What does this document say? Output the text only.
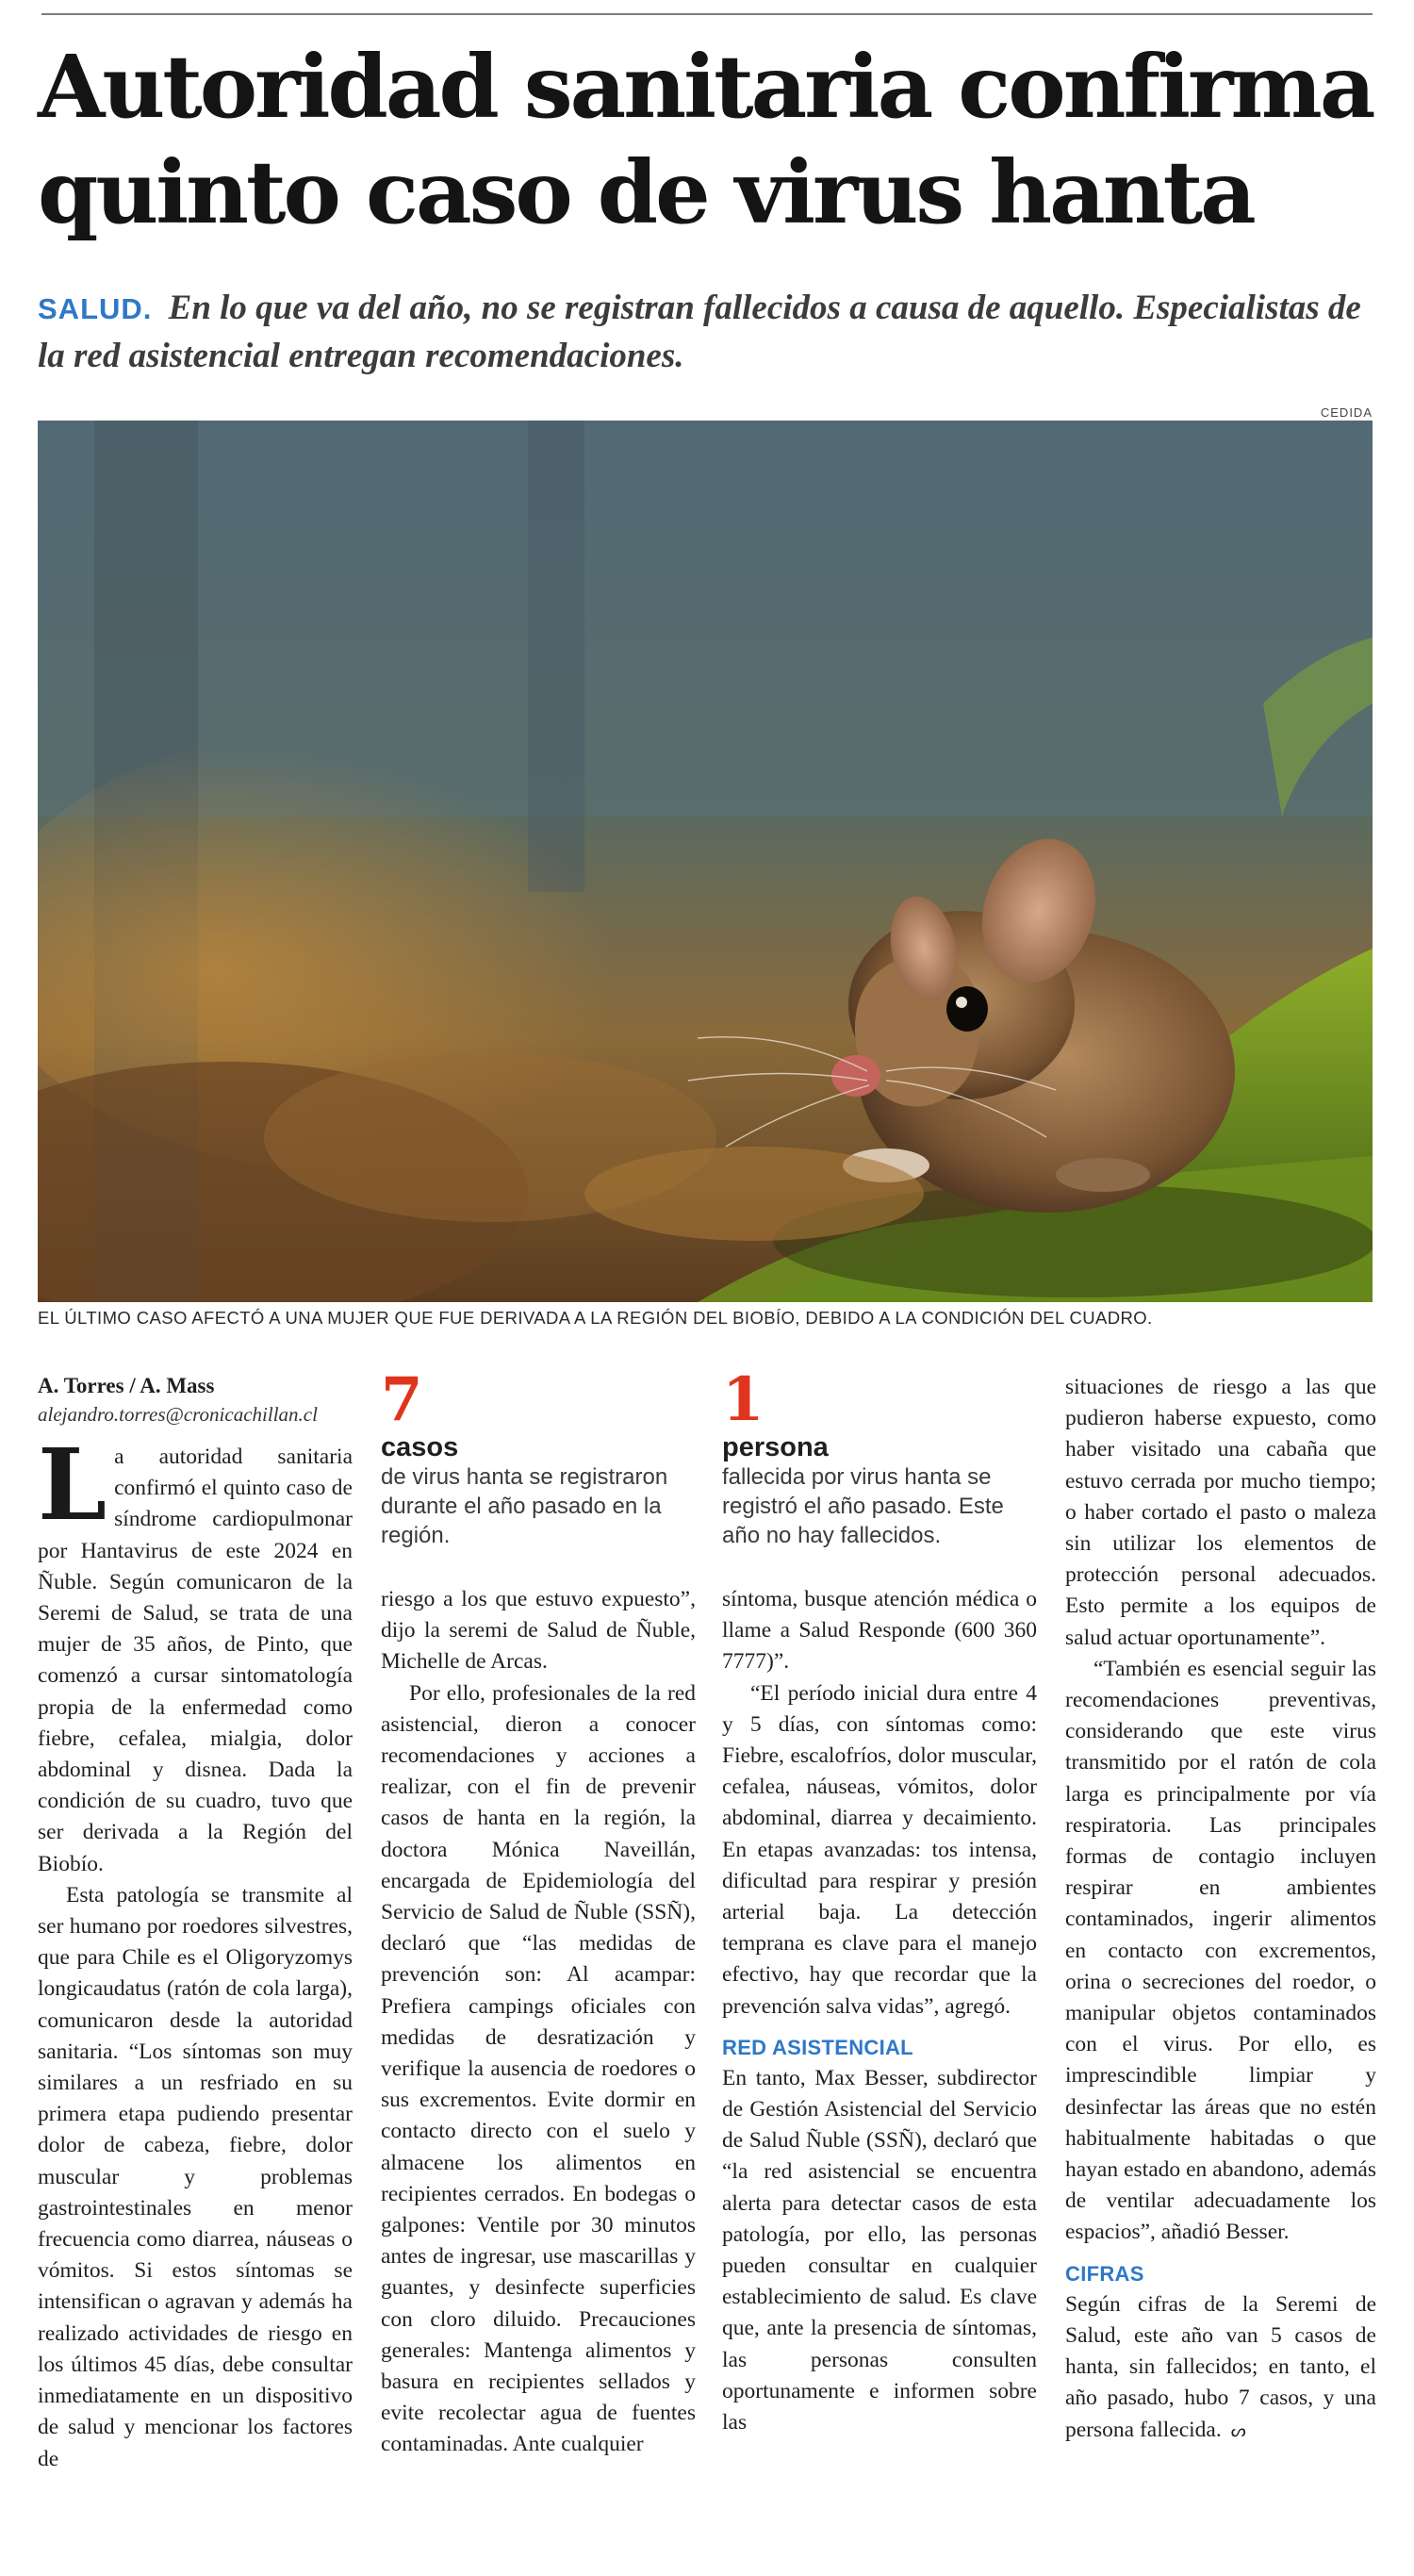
Autoridad sanitaria confirma quinto caso de virus hanta
SALUD. En lo que va del año, no se registran fallecidos a causa de aquello. Especialistas de la red asistencial entregan recomendaciones.
CEDIDA
EL ÚLTIMO CASO AFECTÓ A UNA MUJER QUE FUE DERIVADA A LA REGIÓN DEL BIOBÍO, DEBIDO A LA CONDICIÓN DEL CUADRO.
A. Torres / A. Mass
alejandro.torres@cronicachillan.cl

La autoridad sanitaria confirmó el quinto caso de síndrome cardiopulmonar por Hantavirus de este 2024 en Ñuble. Según comunicaron de la Seremi de Salud, se trata de una mujer de 35 años, de Pinto, que comenzó a cursar sintomatología propia de la enfermedad como fiebre, cefalea, mialgia, dolor abdominal y disnea. Dada la condición de su cuadro, tuvo que ser derivada a la Región del Biobío.

Esta patología se transmite al ser humano por roedores silvestres, que para Chile es el Oligoryzomys longicaudatus (ratón de cola larga), comunicaron desde la autoridad sanitaria. “Los síntomas son muy similares a un resfriado en su primera etapa pudiendo presentar dolor de cabeza, fiebre, dolor muscular y problemas gastrointestinales en menor frecuencia como diarrea, náuseas o vómitos. Si estos síntomas se intensifican o agravan y además ha realizado actividades de riesgo en los últimos 45 días, debe consultar inmediatamente en un dispositivo de salud y mencionar los factores de

7
casos
de virus hanta se registraron durante el año pasado en la región.

riesgo a los que estuvo expuesto”, dijo la seremi de Salud de Ñuble, Michelle de Arcas.

Por ello, profesionales de la red asistencial, dieron a conocer recomendaciones y acciones a realizar, con el fin de prevenir casos de hanta en la región, la doctora Mónica Naveillán, encargada de Epidemiología del Servicio de Salud de Ñuble (SSÑ), declaró que “las medidas de prevención son: Al acampar: Prefiera campings oficiales con medidas de desratización y verifique la ausencia de roedores o sus excrementos. Evite dormir en contacto directo con el suelo y almacene los alimentos en recipientes cerrados. En bodegas o galpones: Ventile por 30 minutos antes de ingresar, use mascarillas y guantes, y desinfecte superficies con cloro diluido. Precauciones generales: Mantenga alimentos y basura en recipientes sellados y evite recolectar agua de fuentes contaminadas. Ante cualquier

1
persona
fallecida por virus hanta se registró el año pasado. Este año no hay fallecidos.

síntoma, busque atención médica o llame a Salud Responde (600 360 7777)”.

“El período inicial dura entre 4 y 5 días, con síntomas como: Fiebre, escalofríos, dolor muscular, cefalea, náuseas, vómitos, dolor abdominal, diarrea y decaimiento. En etapas avanzadas: tos intensa, dificultad para respirar y presión arterial baja. La detección temprana es clave para el manejo efectivo, hay que recordar que la prevención salva vidas”, agregó.

RED ASISTENCIAL

En tanto, Max Besser, subdirector de Gestión Asistencial del Servicio de Salud Ñuble (SSÑ), declaró que “la red asistencial se encuentra alerta para detectar casos de esta patología, por ello, las personas pueden consultar en cualquier establecimiento de salud. Es clave que, ante la presencia de síntomas, las personas consulten oportunamente e informen sobre las

situaciones de riesgo a las que pudieron haberse expuesto, como haber visitado una cabaña que estuvo cerrada por mucho tiempo; o haber cortado el pasto o maleza sin utilizar los elementos de protección personal adecuados. Esto permite a los equipos de salud actuar oportunamente”.

“También es esencial seguir las recomendaciones preventivas, considerando que este virus transmitido por el ratón de cola larga es principalmente por vía respiratoria. Las principales formas de contagio incluyen respirar en ambientes contaminados, ingerir alimentos en contacto con excrementos, orina o secreciones del roedor, o manipular objetos contaminados con el virus. Por ello, es imprescindible limpiar y desinfectar las áreas que no estén habitualmente habitadas o que hayan estado en abandono, además de ventilar adecuadamente los espacios”, añadió Besser.

CIFRAS

Según cifras de la Seremi de Salud, este año van 5 casos de hanta, sin fallecidos; en tanto, el año pasado, hubo 7 casos, y una persona fallecida. ᔕ
